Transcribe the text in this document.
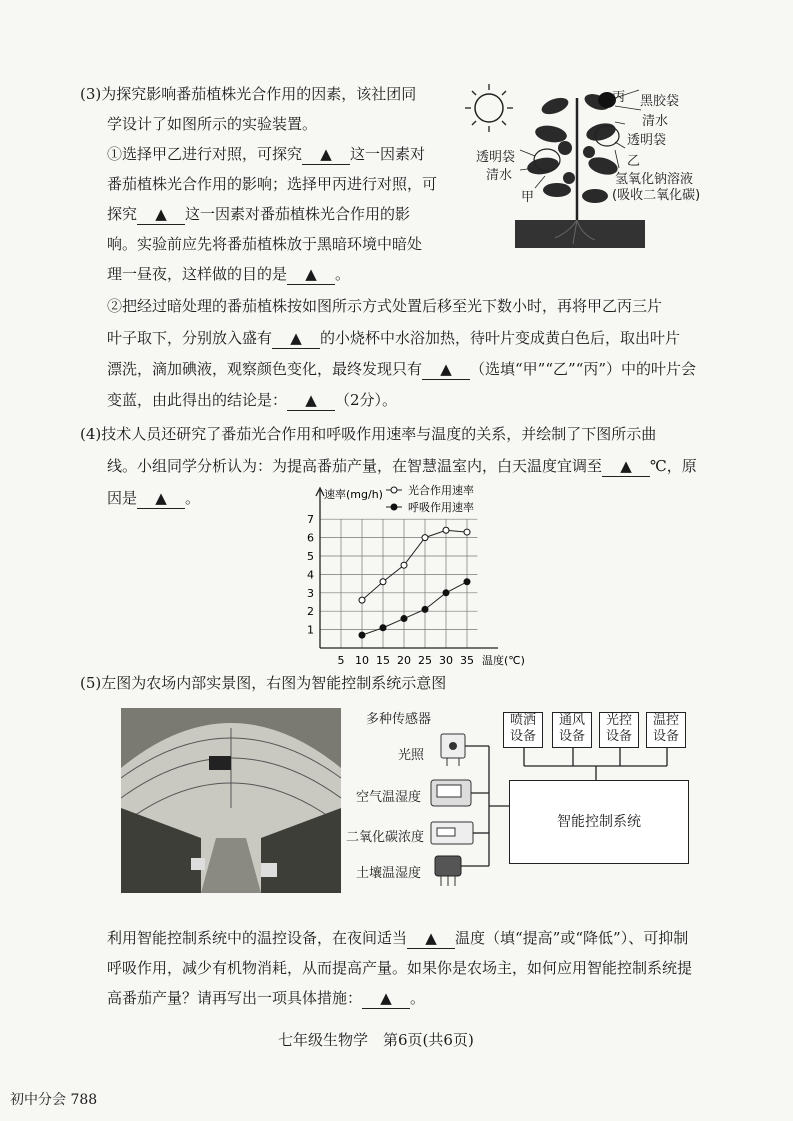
(3)为探究影响番茄植株光合作用的因素，该社团同
学设计了如图所示的实验装置。
①选择甲乙进行对照，可探究 ▲ 这一因素对
番茄植株光合作用的影响；选择甲丙进行对照，可
探究 ▲ 这一因素对番茄植株光合作用的影
响。实验前应先将番茄植株放于黑暗环境中暗处
理一昼夜，这样做的目的是 ▲ 。
②把经过暗处理的番茄植株按如图所示方式处置后移至光下数小时，再将甲乙丙三片
叶子取下，分别放入盛有 ▲ 的小烧杯中水浴加热，待叶片变成黄白色后，取出叶片
漂洗，滴加碘液，观察颜色变化，最终发现只有 ▲ （选填“甲”“乙”“丙”）中的叶片会
变蓝，由此得出的结论是： ▲ （2分）。
丙 黑胶袋
清水
透明袋
乙
氢氧化钠溶液
(吸收二氧化碳)
透明袋
清水
甲
(4)技术人员还研究了番茄光合作用和呼吸作用速率与温度的关系，并绘制了下图所示曲
线。小组同学分析认为：为提高番茄产量，在智慧温室内，白天温度宜调至 ▲ ℃，原
因是 ▲ 。
5 10 15 20 25 30 35
1
2
3
4
5
6
7
速率(mg/h)
温度(℃)
光合作用速率
呼吸作用速率
(5)左图为农场内部实景图，右图为智能控制系统示意图
多种传感器
光照
空气温湿度
二氧化碳浓度
土壤温湿度
喷洒设备
通风设备
光控设备
温控设备
智能控制系统
利用智能控制系统中的温控设备，在夜间适当 ▲ 温度（填“提高”或“降低”）、可抑制
呼吸作用，减少有机物消耗，从而提高产量。如果你是农场主，如何应用智能控制系统提
高番茄产量？请再写出一项具体措施： ▲ 。
七年级生物学　第6页(共6页)
初中分会 788
